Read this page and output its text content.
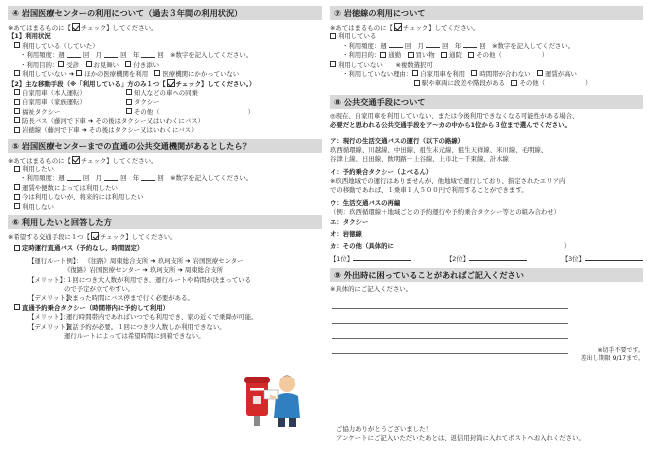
④ 岩国医療センターの利用について（過去３年間の利用状況）
※あてはまるものに【 チェック】してください。
【1】利用状況
利用している（していた）
・利用頻度：週	回　 月	回　 年	回　 ※数字を記入してください。
・利用目的： 受診　 お見舞い　 付き添い
利用していない ➜ ほかの医療機関を利用　 医療機関にかかっていない
【2】主な移動手段（※「利用している」方のみ１つ【 チェック】してください。）
自家用車（本人運転）
自家用車（家族運転）
福祉タクシー
知人などの車への同乗
タクシー
その他（	）
防長バス（藤河で下車 ➜ その後はタクシー又はいわくにバス）
岩徳線（藤河で下車 ➜ その後はタクシー又はいわくにバス）
⑤ 岩国医療センターまでの直通の公共交通機関があるとしたら？
※あてはまるものに【 チェック】してください。
利用したい
・利用頻度：週	回　 月	回　 年	回　 ※数字を記入してください。
運賃や便数によっては利用したい
今は利用しないが、将来的には利用したい
利用しない
⑥ 利用したいと回答した方
※希望する交通手段に１つ【 チェック】してください。
定時運行直通バス（予約なし、時間固定）
【運行ルート例】： 《往路》周東総合支所 ➜ 玖珂支所 ➜ 岩国医療センター
《復路》岩国医療センター ➜ 玖珂支所 ➜ 周東総合支所
【メリット】： １回につき大人数が利用でき、運行ルートや時間が決まっている
ので予定が立てやすい。
【デメリット】： 決まった時間にバス停まで行く必要がある。
直通予約乗合タクシー（時間帯内に予約して利用）
【メリット】： 運行時間帯内であればいつでも利用でき、家の近くで乗降が可能。
【デメリット】： 電話予約が必要。１回につき少人数しか利用できない。
運行ルートによっては希望時間に到着できない。
⑦ 岩徳線の利用について
※あてはまるものに【 チェック】してください。
利用している
・利用頻度：週	回　 月	回　 年	回　 ※数字を記入してください。
・利用目的： 通勤　 買い物　 通院　 その他（	）
利用していない　　 ※複数選択可
・利用していない理由： 自家用車を利用　 時間帯が合わない　 運賃が高い
駅や車両に段差や階段がある　 その他（	）
⑧ 公共交通手段について
◎現在、自家用車を利用していない、または今後利用できなくなる可能性がある場合、
必要だと思われる公共交通手段をア〜カの中から1位から３位まで選んでください。
ア：現行の生活交通バスの運行（以下の路線）
玖西循環線、川越線、中田線、祖生末元線、祖生天祥線、米川線、毛明線、
谷津上線、日田線、飲明路－上谷線、上市北－千束線、計木線
イ：予約乗合タクシー（よべるん）
※玖西地域での運行はありませんが、他地域で運行しており、指定されたエリア内
での移動であれば、１乗車１人５００円で利用することができます。
ウ：生活交通バスの再編
（例：玖西循環線＋地域ごとの予約運行や予約乗合タクシー等との組み合わせ）
エ：タクシー
オ：岩徳線
カ：その他（具体的に	）
【1位】	【2位】	【3位】
⑨ 外出時に困っていることがあればご記入ください
※具体的にご記入ください。
※切手不要です。
差出し期限 9/17まで。
ご協力ありがとうございました！
アンケートにご記入いただいたあとは、返信用封筒に入れてポストへお入れください。
